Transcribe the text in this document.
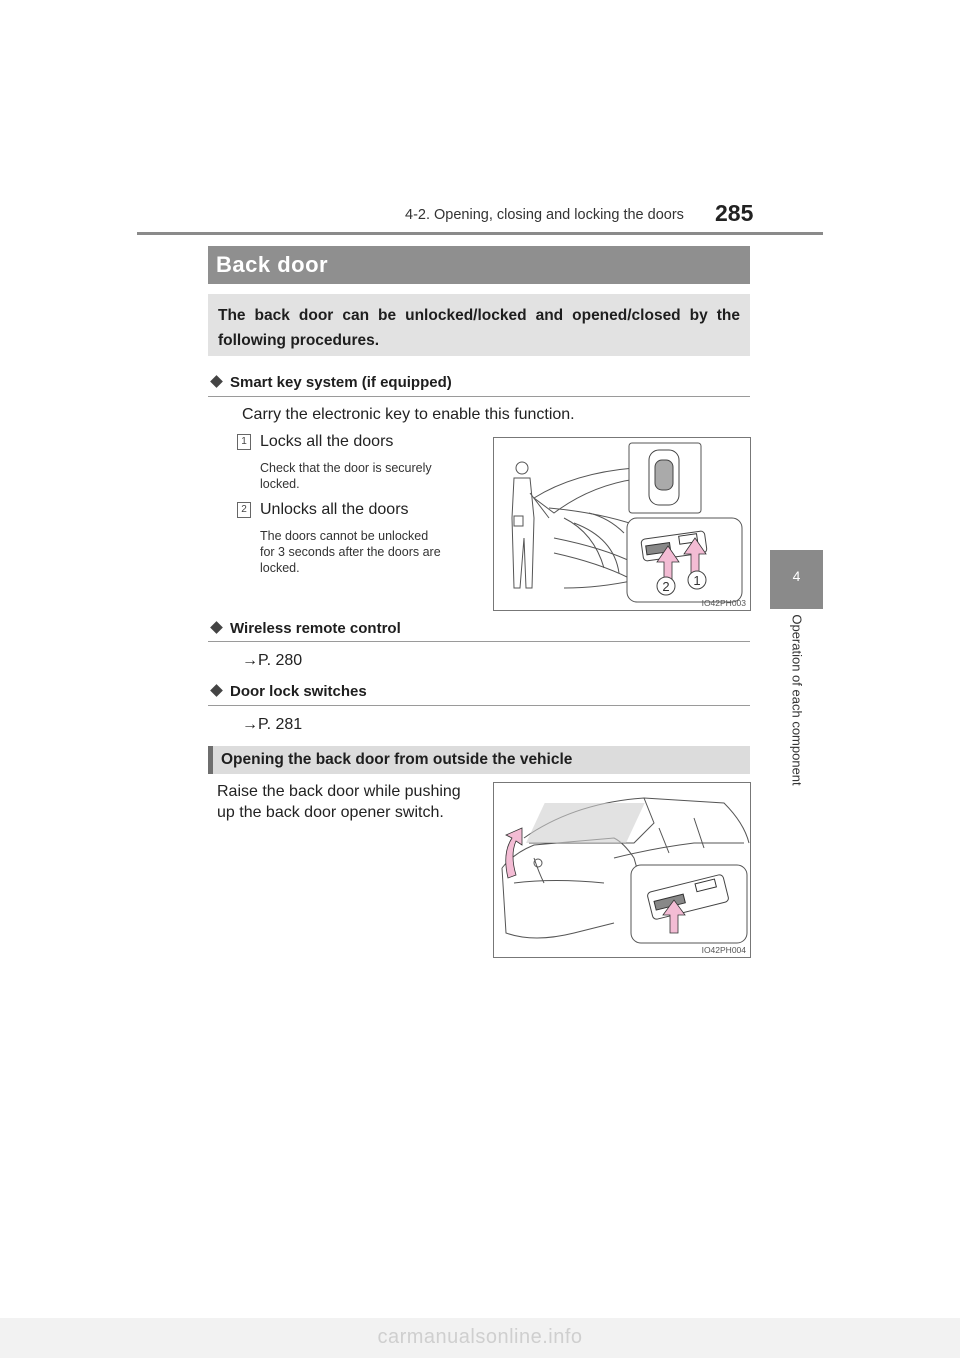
4-2. Opening, closing and locking the doors 285
4
Operation of each component
Back door
The back door can be unlocked/locked and opened/closed by the following procedures.
Smart key system (if equipped)
Carry the electronic key to enable this function.
1 Locks all the doors
Check that the door is securely
locked.
2 Unlocks all the doors
The doors cannot be unlocked
for 3 seconds after the doors are
locked.
1
2
IO42PH003
Wireless remote control
→P. 280
Door lock switches
→P. 281
Opening the back door from outside the vehicle
Raise the back door while pushing
up the back door opener switch.
IO42PH004
carmanualsonline.info
